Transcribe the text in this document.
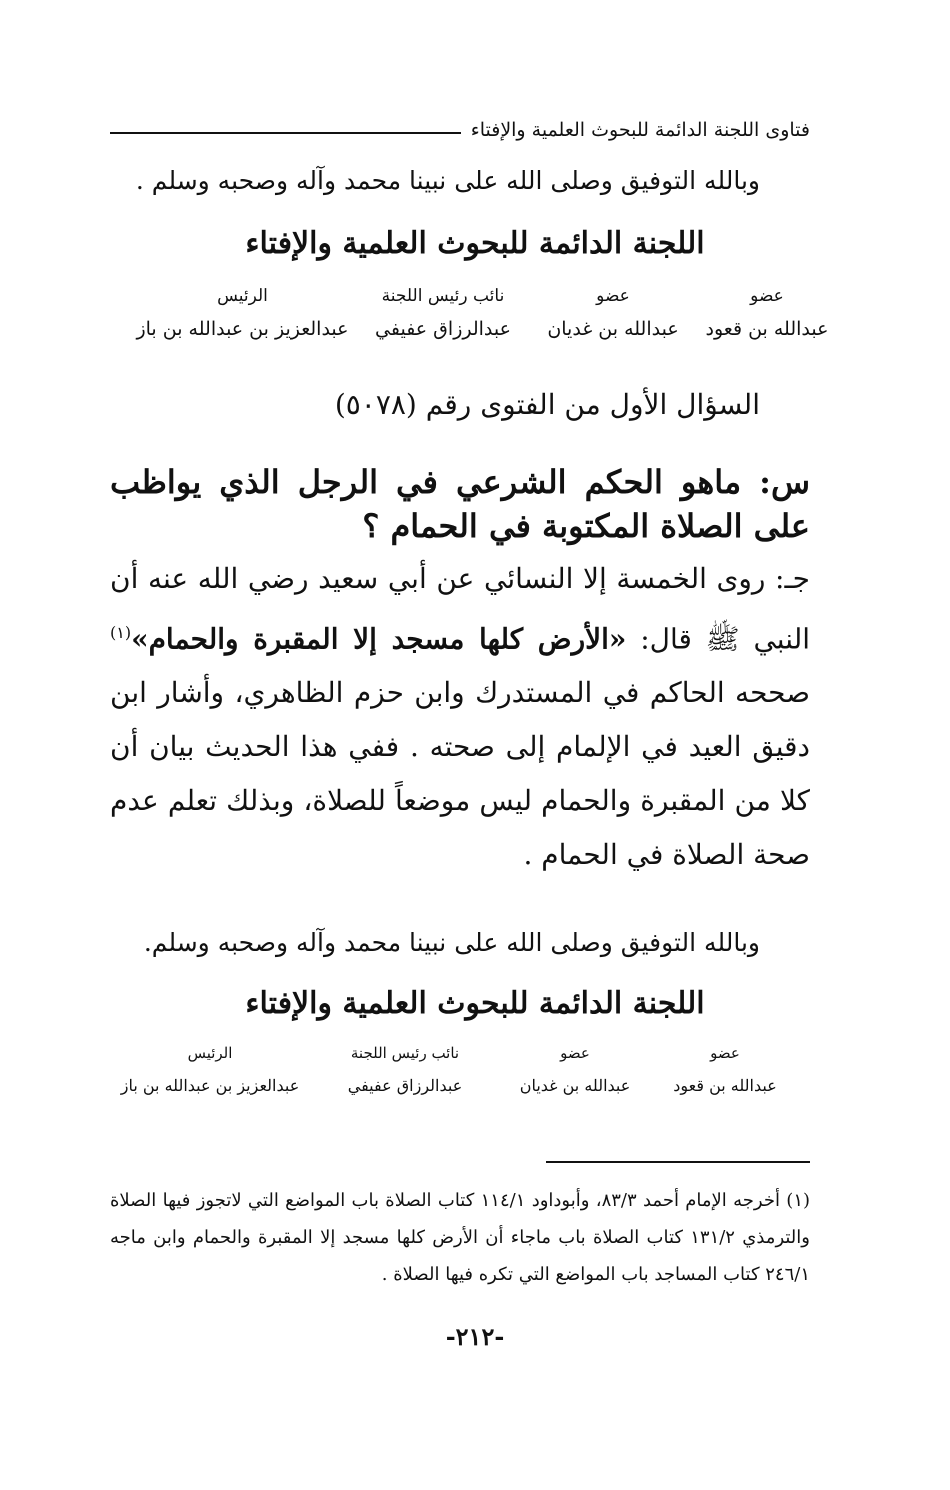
فتاوى اللجنة الدائمة للبحوث العلمية والإفتاء
وبالله التوفيق وصلى الله على نبينا محمد وآله وصحبه وسلم .
اللجنة الدائمة للبحوث العلمية والإفتاء
عضو
عبدالله بن قعود
عضو
عبدالله بن غديان
نائب رئيس اللجنة
عبدالرزاق عفيفي
الرئيس
عبدالعزيز بن عبدالله بن باز
السؤال الأول من الفتوى رقم (٥٠٧٨)
س: ماهو الحكم الشرعي في الرجل الذي يواظب على الصلاة المكتوبة في الحمام ؟
جـ: روى الخمسة إلا النسائي عن أبي سعيد رضي الله عنه أن النبي ﷺ قال: «الأرض كلها مسجد إلا المقبرة والحمام»$^{(١)}$ صححه الحاكم في المستدرك وابن حزم الظاهري، وأشار ابن دقيق العيد في الإلمام إلى صحته . ففي هذا الحديث بيان أن كلا من المقبرة والحمام ليس موضعاً للصلاة، وبذلك تعلم عدم صحة الصلاة في الحمام .
وبالله التوفيق وصلى الله على نبينا محمد وآله وصحبه وسلم.
اللجنة الدائمة للبحوث العلمية والإفتاء
عضو
عبدالله بن قعود
عضو
عبدالله بن غديان
نائب رئيس اللجنة
عبدالرزاق عفيفي
الرئيس
عبدالعزيز بن عبدالله بن باز
(١) أخرجه الإمام أحمد ٨٣/٣، وأبوداود ١١٤/١ كتاب الصلاة باب المواضع التي لاتجوز فيها الصلاة والترمذي ١٣١/٢ كتاب الصلاة باب ماجاء أن الأرض كلها مسجد إلا المقبرة والحمام وابن ماجه ٢٤٦/١ كتاب المساجد باب المواضع التي تكره فيها الصلاة .
-٢١٢-
